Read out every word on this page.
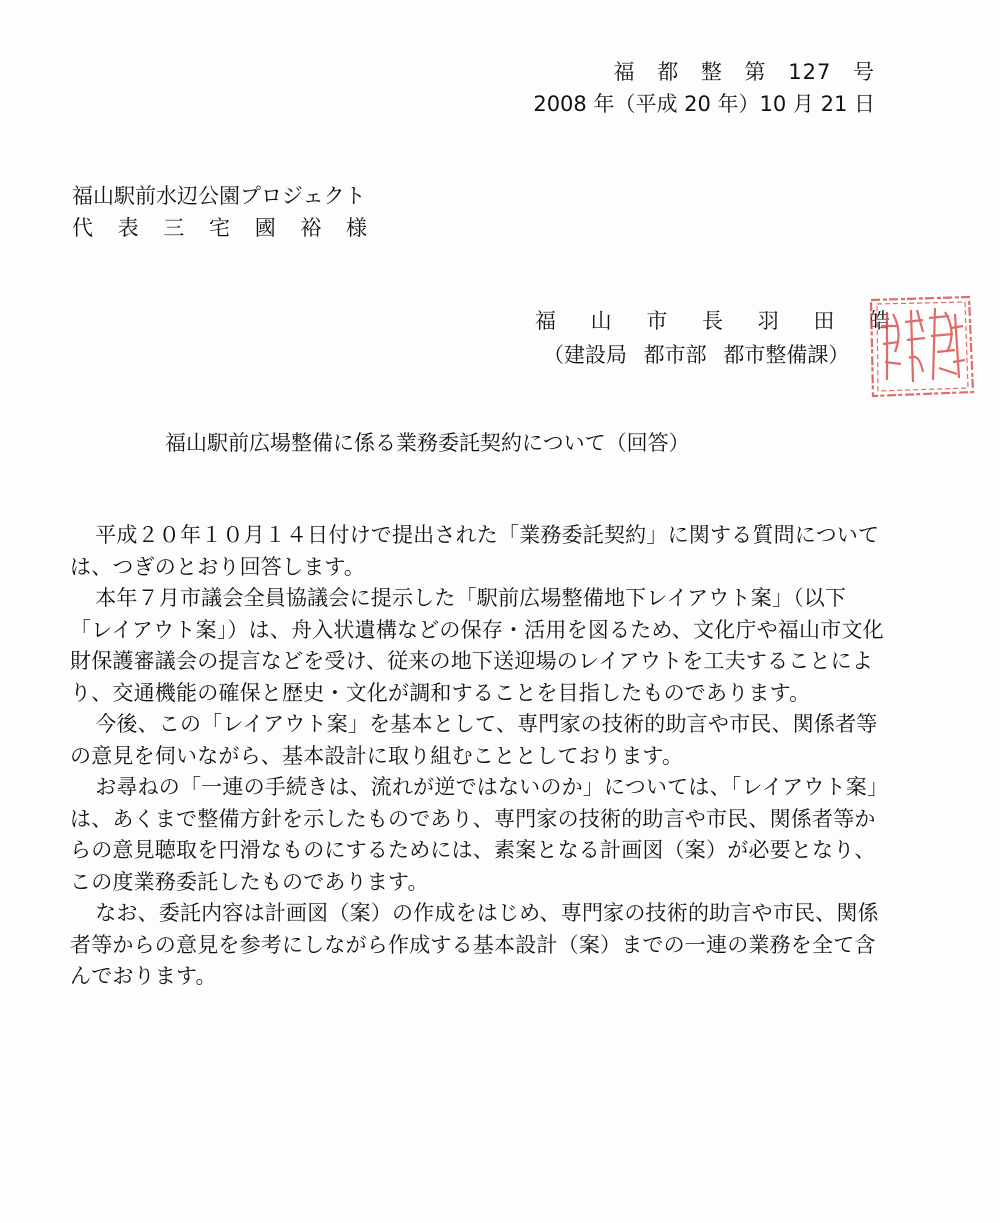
福 都 整 第 127 号
2008 年（平成 20 年）10 月 21 日
福山駅前水辺公園プロジェクト
代 表 三 宅 國 裕 様
福 山 市 長 羽 田 皓
（建設局 都市部 都市整備課）
福山駅前広場整備に係る業務委託契約について（回答）

平成２０年１０月１４日付けで提出された「業務委託契約」に関する質問については、つぎのとおり回答します。

本年７月市議会全員協議会に提示した「駅前広場整備地下レイアウト案」（以下　「レイアウト案」）は、舟入状遺構などの保存・活用を図るため、文化庁や福山市文化財保護審議会の提言などを受け、従来の地下送迎場のレイアウトを工夫することにより、交通機能の確保と歴史・文化が調和することを目指したものであります。

今後、この「レイアウト案」を基本として、専門家の技術的助言や市民、関係者等の意見を伺いながら、基本設計に取り組むこととしております。

お尋ねの「一連の手続きは、流れが逆ではないのか」については、「レイアウト案」は、あくまで整備方針を示したものであり、専門家の技術的助言や市民、関係者等からの意見聴取を円滑なものにするためには、素案となる計画図（案）が必要となり、この度業務委託したものであります。

なお、委託内容は計画図（案）の作成をはじめ、専門家の技術的助言や市民、関係者等からの意見を参考にしながら作成する基本設計（案）までの一連の業務を全て含んでおります。
